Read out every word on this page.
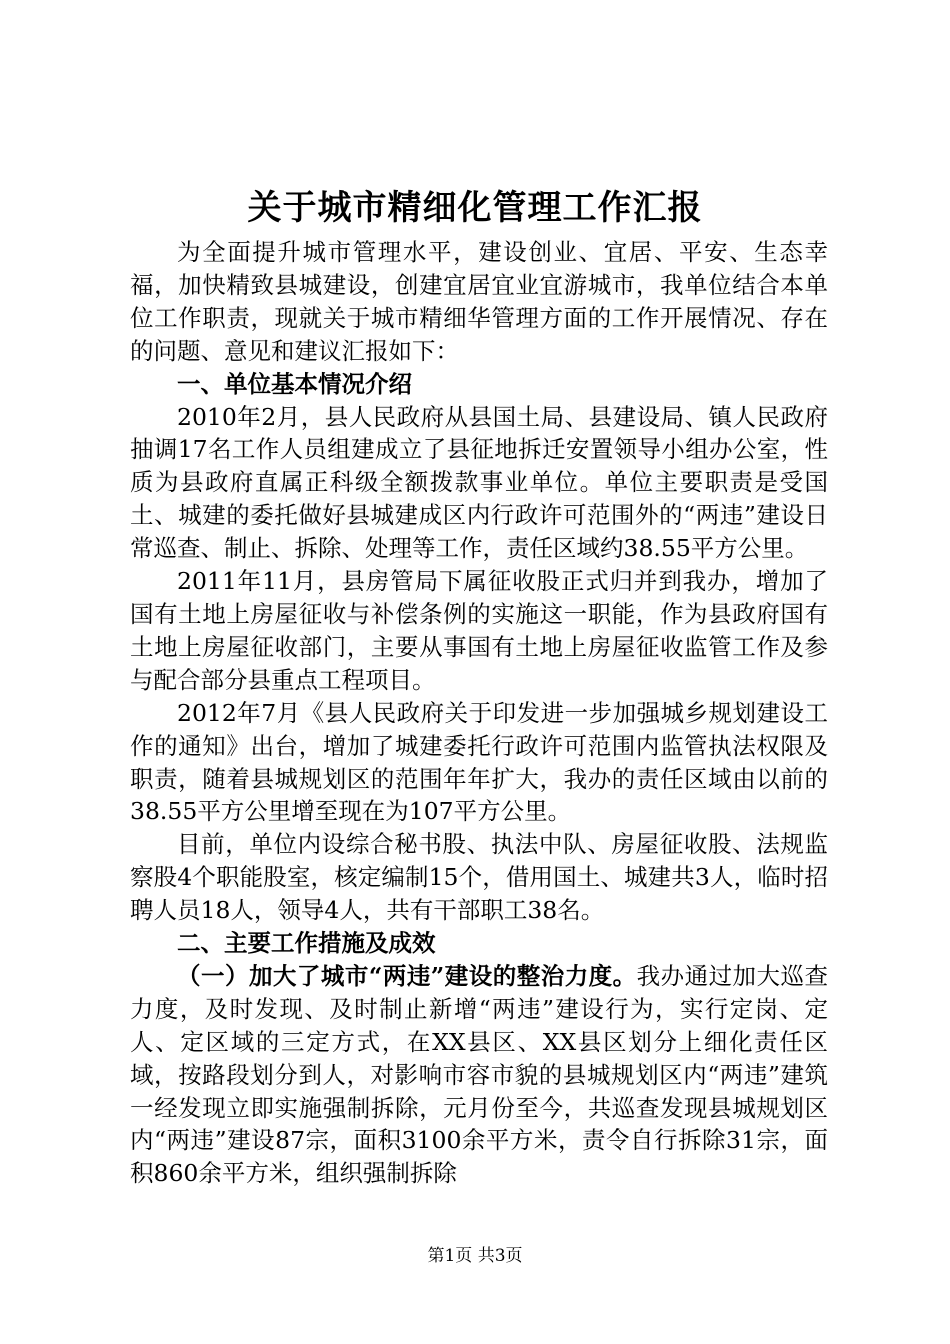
关于城市精细化管理工作汇报

为全面提升城市管理水平，建设创业、宜居、平安、生态幸福，加快精致县城建设，创建宜居宜业宜游城市，我单位结合本单位工作职责，现就关于城市精细华管理方面的工作开展情况、存在的问题、意见和建议汇报如下：

一、单位基本情况介绍

2010年2月，县人民政府从县国土局、县建设局、镇人民政府抽调17名工作人员组建成立了县征地拆迁安置领导小组办公室，性质为县政府直属正科级全额拨款事业单位。单位主要职责是受国土、城建的委托做好县城建成区内行政许可范围外的“两违”建设日常巡查、制止、拆除、处理等工作，责任区域约38.55平方公里。

2011年11月，县房管局下属征收股正式归并到我办，增加了国有土地上房屋征收与补偿条例的实施这一职能，作为县政府国有土地上房屋征收部门，主要从事国有土地上房屋征收监管工作及参与配合部分县重点工程项目。

2012年7月《县人民政府关于印发进一步加强城乡规划建设工作的通知》出台，增加了城建委托行政许可范围内监管执法权限及职责，随着县城规划区的范围年年扩大，我办的责任区域由以前的38.55平方公里增至现在为107平方公里。

目前，单位内设综合秘书股、执法中队、房屋征收股、法规监察股4个职能股室，核定编制15个，借用国土、城建共3人，临时招聘人员18人，领导4人，共有干部职工38名。

二、主要工作措施及成效

（一）加大了城市“两违”建设的整治力度。我办通过加大巡查力度，及时发现、及时制止新增“两违”建设行为，实行定岗、定人、定区域的三定方式，在XX县区、XX县区划分上细化责任区域，按路段划分到人，对影响市容市貌的县城规划区内“两违”建筑一经发现立即实施强制拆除，元月份至今，共巡查发现县城规划区内“两违”建设87宗，面积3100余平方米，责令自行拆除31宗，面积860余平方米，组织强制拆除

第1页 共3页
